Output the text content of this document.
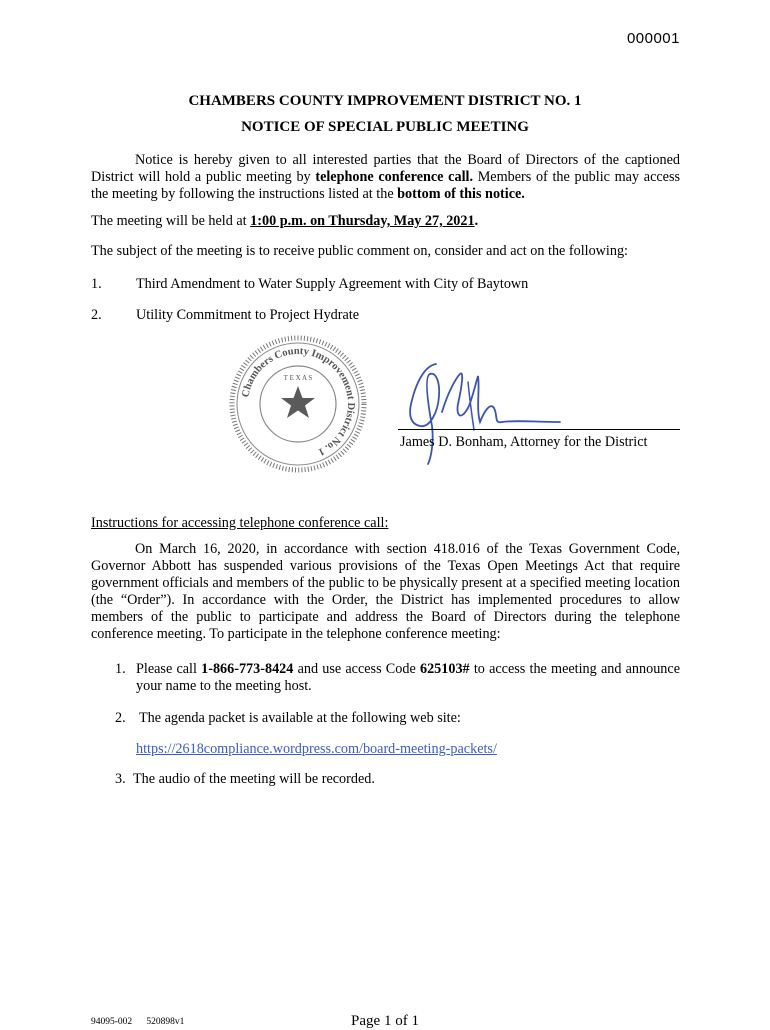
000001
CHAMBERS COUNTY IMPROVEMENT DISTRICT NO. 1
NOTICE OF SPECIAL PUBLIC MEETING
Notice is hereby given to all interested parties that the Board of Directors of the captioned District will hold a public meeting by telephone conference call. Members of the public may access the meeting by following the instructions listed at the bottom of this notice.
The meeting will be held at 1:00 p.m. on Thursday, May 27, 2021.
The subject of the meeting is to receive public comment on, consider and act on the following:
1. Third Amendment to Water Supply Agreement with City of Baytown
2. Utility Commitment to Project Hydrate
Chambers County Improvement District No. 1
T E X A S
James D. Bonham, Attorney for the District
Instructions for accessing telephone conference call:
On March 16, 2020, in accordance with section 418.016 of the Texas Government Code, Governor Abbott has suspended various provisions of the Texas Open Meetings Act that require government officials and members of the public to be physically present at a specified meeting location (the “Order”). In accordance with the Order, the District has implemented procedures to allow members of the public to participate and address the Board of Directors during the telephone conference meeting. To participate in the telephone conference meeting:
1. Please call 1-866-773-8424 and use access Code 625103# to access the meeting and announce your name to the meeting host.
2. The agenda packet is available at the following web site:
https://2618compliance.wordpress.com/board-meeting-packets/
3. The audio of the meeting will be recorded.
94095-002      520898v1	Page 1 of 1
